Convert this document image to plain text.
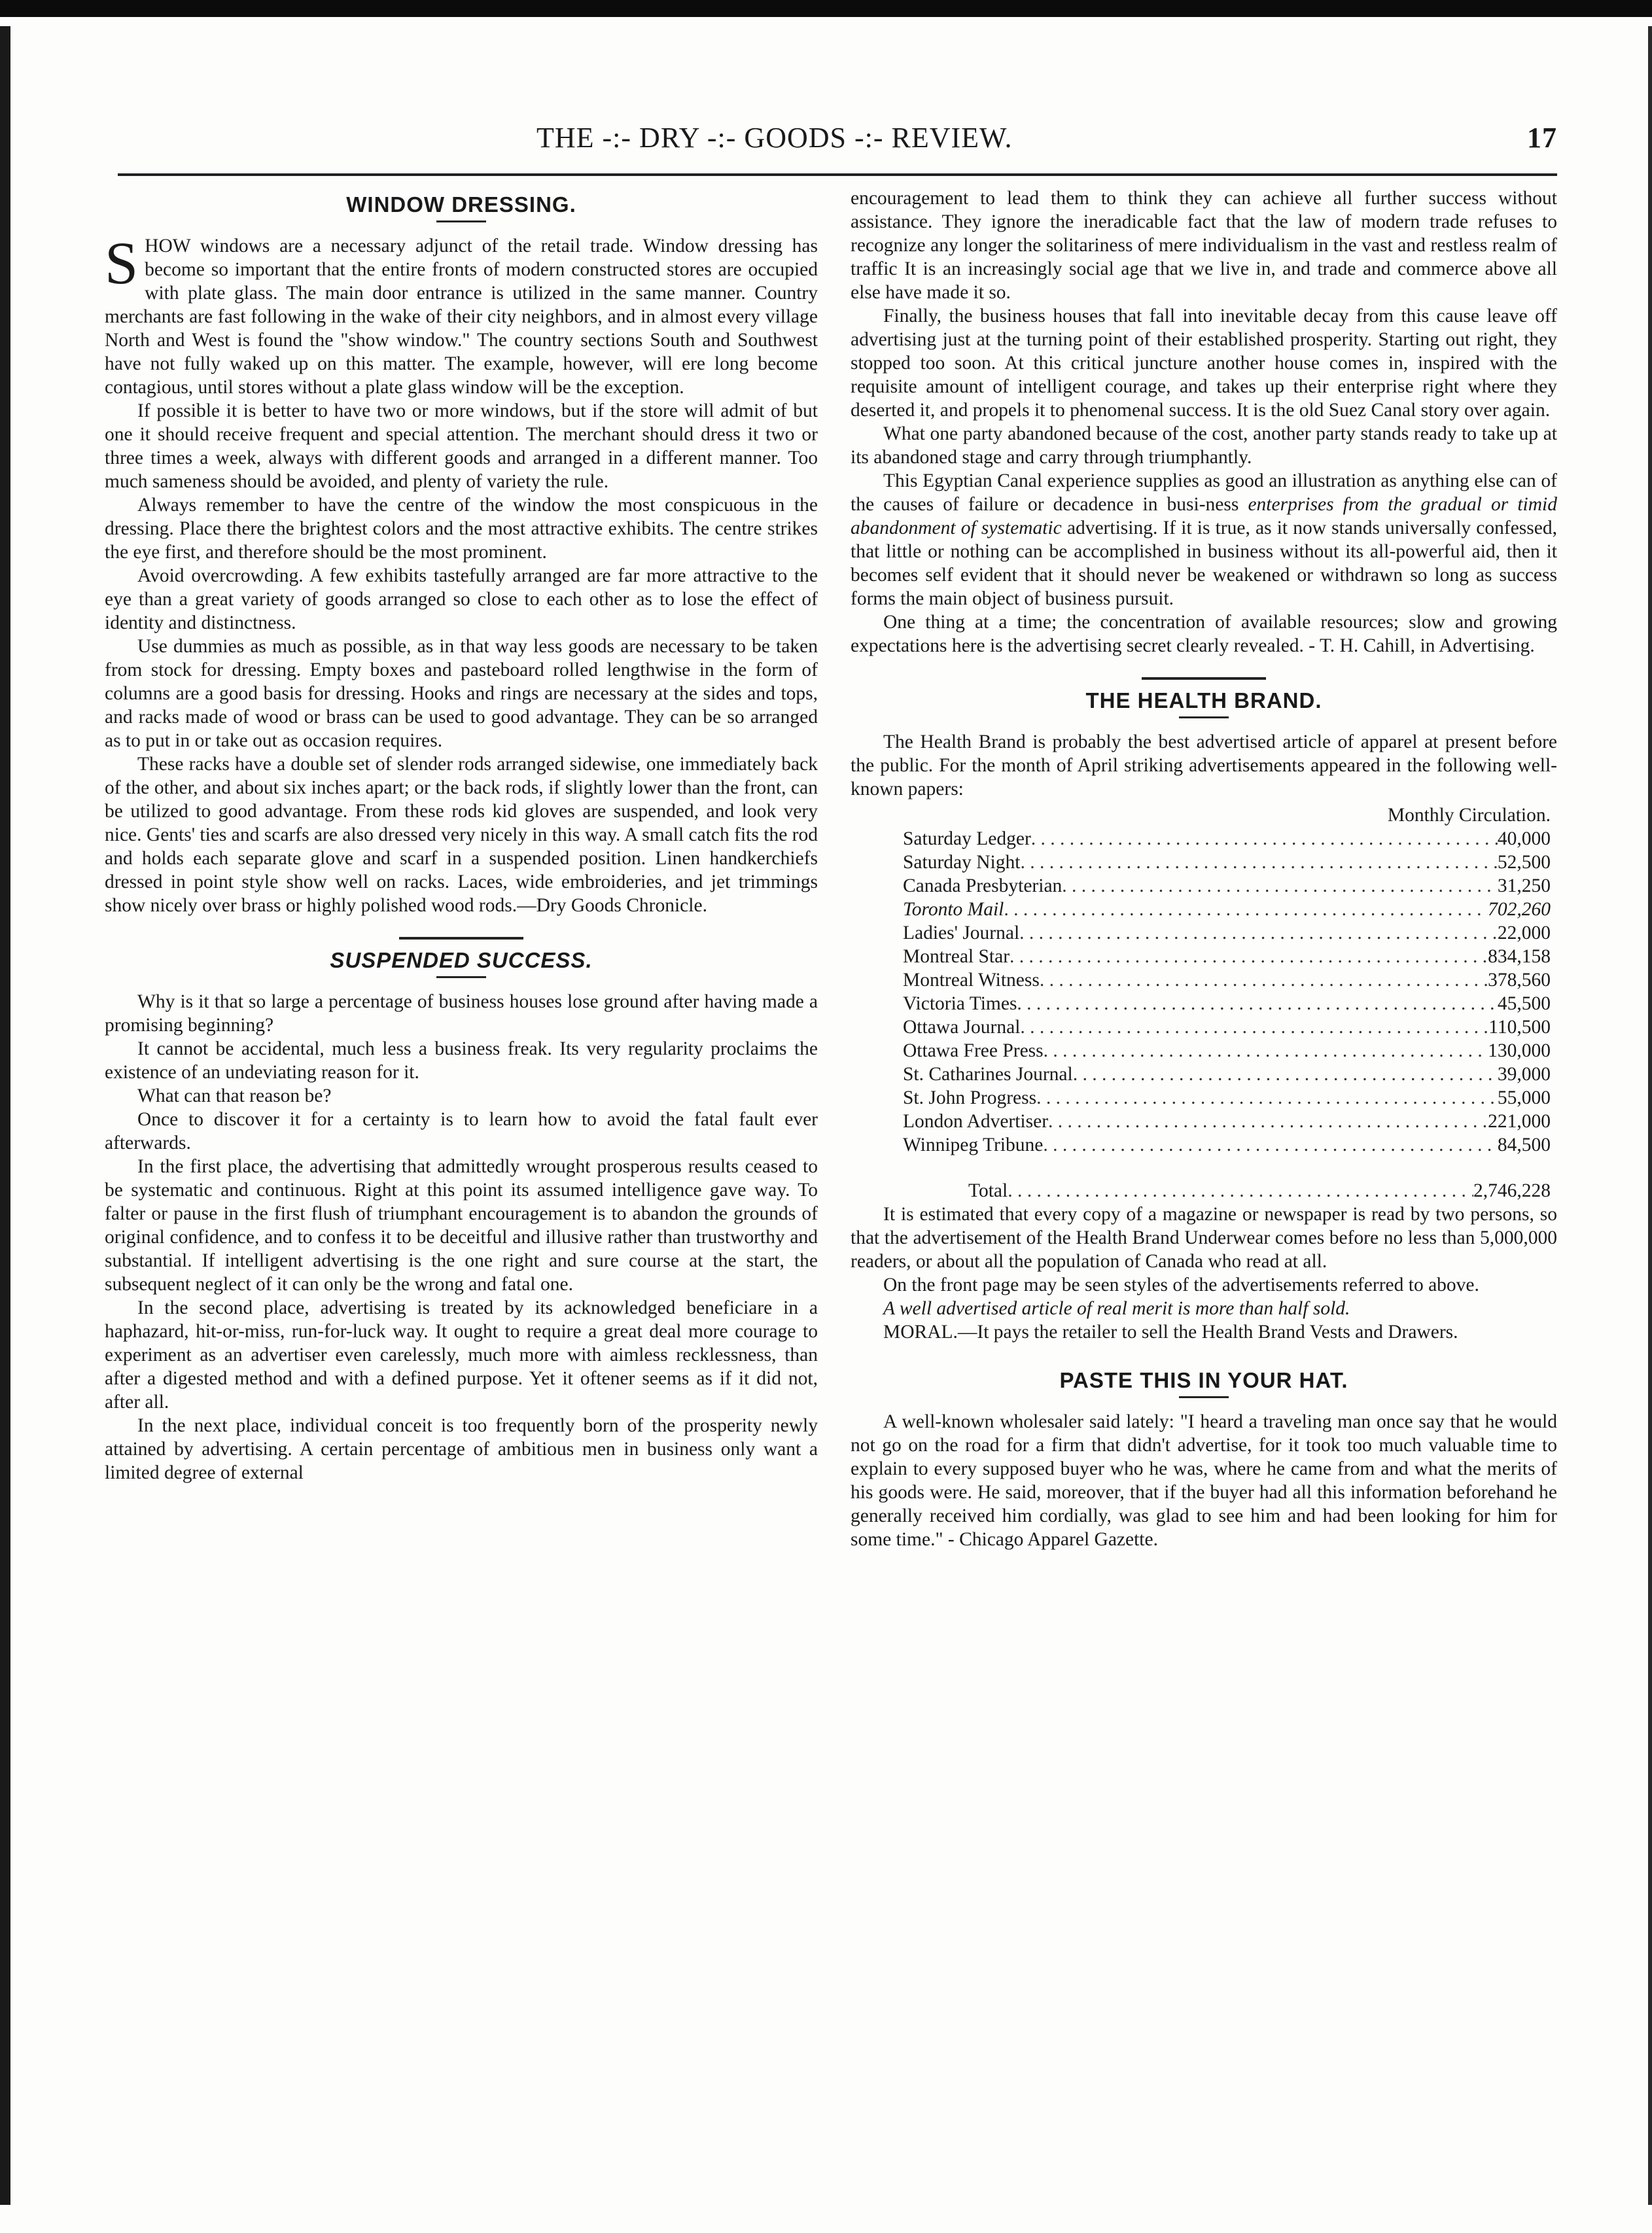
THE -:- DRY -:- GOODS -:- REVIEW.	17
WINDOW DRESSING.

SHOW windows are a necessary adjunct of the retail trade. Window dressing has become so important that the entire fronts of modern constructed stores are occupied with plate glass. The main door entrance is utilized in the same manner. Country merchants are fast following in the wake of their city neighbors, and in almost every village North and West is found the "show window." The country sections South and Southwest have not fully waked up on this matter. The example, however, will ere long become contagious, until stores without a plate glass window will be the exception.

If possible it is better to have two or more windows, but if the store will admit of but one it should receive frequent and special attention. The merchant should dress it two or three times a week, always with different goods and arranged in a different manner. Too much sameness should be avoided, and plenty of variety the rule.

Always remember to have the centre of the window the most conspicuous in the dressing. Place there the brightest colors and the most attractive exhibits. The centre strikes the eye first, and therefore should be the most prominent.

Avoid overcrowding. A few exhibits tastefully arranged are far more attractive to the eye than a great variety of goods arranged so close to each other as to lose the effect of identity and distinctness.

Use dummies as much as possible, as in that way less goods are necessary to be taken from stock for dressing. Empty boxes and pasteboard rolled lengthwise in the form of columns are a good basis for dressing. Hooks and rings are necessary at the sides and tops, and racks made of wood or brass can be used to good advantage. They can be so arranged as to put in or take out as occasion requires.

These racks have a double set of slender rods arranged sidewise, one immediately back of the other, and about six inches apart; or the back rods, if slightly lower than the front, can be utilized to good advantage. From these rods kid gloves are suspended, and look very nice. Gents' ties and scarfs are also dressed very nicely in this way. A small catch fits the rod and holds each separate glove and scarf in a suspended position. Linen handkerchiefs dressed in point style show well on racks. Laces, wide embroideries, and jet trimmings show nicely over brass or highly polished wood rods.—Dry Goods Chronicle.

SUSPENDED SUCCESS.

Why is it that so large a percentage of business houses lose ground after having made a promising beginning?

It cannot be accidental, much less a business freak. Its very regularity proclaims the existence of an undeviating reason for it.

What can that reason be?

Once to discover it for a certainty is to learn how to avoid the fatal fault ever afterwards.

In the first place, the advertising that admittedly wrought prosperous results ceased to be systematic and continuous. Right at this point its assumed intelligence gave way. To falter or pause in the first flush of triumphant encouragement is to abandon the grounds of original confidence, and to confess it to be deceitful and illusive rather than trustworthy and substantial. If intelligent advertising is the one right and sure course at the start, the subsequent neglect of it can only be the wrong and fatal one.

In the second place, advertising is treated by its acknowledged beneficiare in a haphazard, hit-or-miss, run-for-luck way. It ought to require a great deal more courage to experiment as an advertiser even carelessly, much more with aimless recklessness, than after a digested method and with a defined purpose. Yet it oftener seems as if it did not, after all.

In the next place, individual conceit is too frequently born of the prosperity newly attained by advertising. A certain percentage of ambitious men in business only want a limited degree of external

encouragement to lead them to think they can achieve all further success without assistance. They ignore the ineradicable fact that the law of modern trade refuses to recognize any longer the solitariness of mere individualism in the vast and restless realm of traffic It is an increasingly social age that we live in, and trade and commerce above all else have made it so.

Finally, the business houses that fall into inevitable decay from this cause leave off advertising just at the turning point of their established prosperity. Starting out right, they stopped too soon. At this critical juncture another house comes in, inspired with the requisite amount of intelligent courage, and takes up their enterprise right where they deserted it, and propels it to phenomenal success. It is the old Suez Canal story over again.

What one party abandoned because of the cost, another party stands ready to take up at its abandoned stage and carry through triumphantly.

This Egyptian Canal experience supplies as good an illustration as anything else can of the causes of failure or decadence in busi-ness enterprises from the gradual or timid abandonment of systematic advertising. If it is true, as it now stands universally confessed, that little or nothing can be accomplished in business without its all-powerful aid, then it becomes self evident that it should never be weakened or withdrawn so long as success forms the main object of business pursuit.

One thing at a time; the concentration of available resources; slow and growing expectations here is the advertising secret clearly revealed. - T. H. Cahill, in Advertising.

THE HEALTH BRAND.

The Health Brand is probably the best advertised article of apparel at present before the public. For the month of April striking advertisements appeared in the following well-known papers:

Monthly Circulation.
Saturday Ledger . . .	40,000
Saturday Night . . .	52,500
Canada Presbyterian . . .	31,250
Toronto Mail . . .	702,260
Ladies' Journal . . .	22,000
Montreal Star . . .	834,158
Montreal Witness . . .	378,560
Victoria Times . . .	45,500
Ottawa Journal . . .	110,500
Ottawa Free Press . . .	130,000
St. Catharines Journal . . .	39,000
St. John Progress . . .	55,000
London Advertiser . . .	221,000
Winnipeg Tribune . . .	84,500
Total . . .	2,746,228

It is estimated that every copy of a magazine or newspaper is read by two persons, so that the advertisement of the Health Brand Underwear comes before no less than 5,000,000 readers, or about all the population of Canada who read at all.

On the front page may be seen styles of the advertisements referred to above.

A well advertised article of real merit is more than half sold.

MORAL.—It pays the retailer to sell the Health Brand Vests and Drawers.

PASTE THIS IN YOUR HAT.

A well-known wholesaler said lately: "I heard a traveling man once say that he would not go on the road for a firm that didn't advertise, for it took too much valuable time to explain to every supposed buyer who he was, where he came from and what the merits of his goods were. He said, moreover, that if the buyer had all this information beforehand he generally received him cordially, was glad to see him and had been looking for him for some time." - Chicago Apparel Gazette.
